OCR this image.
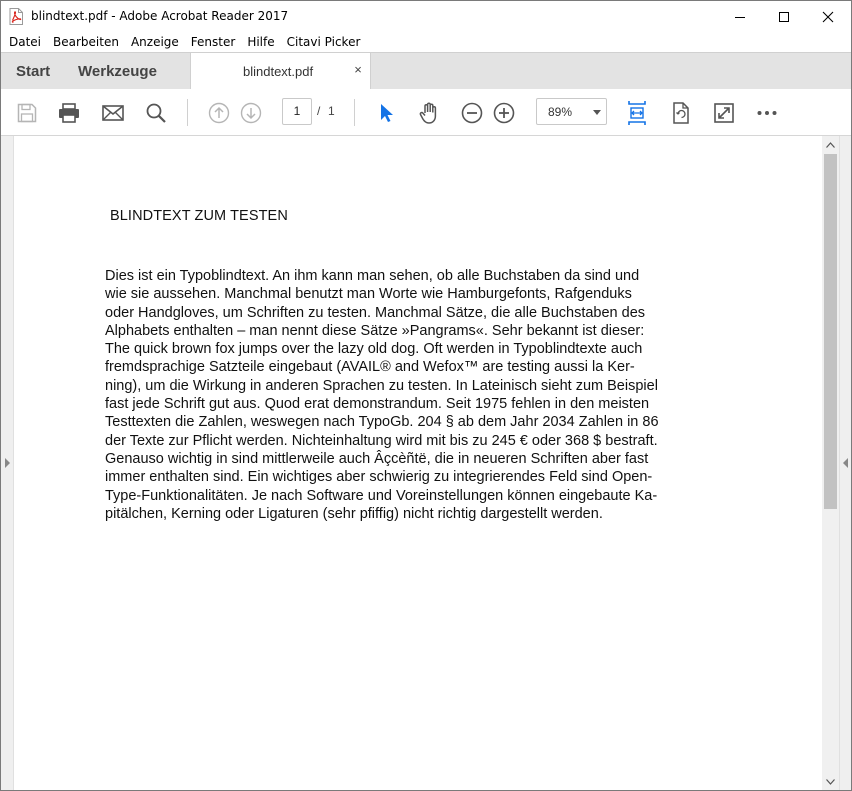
blindtext.pdf - Adobe Acrobat Reader 2017
Datei	Bearbeiten	Anzeige	Fenster	Hilfe	Citavi Picker
Start Werkzeuge	blindtext.pdf	×
1	/ 1	89%
BLINDTEXT ZUM TESTEN
Dies ist ein Typoblindtext. An ihm kann man sehen, ob alle Buchstaben da sind und
wie sie aussehen. Manchmal benutzt man Worte wie Hamburgefonts, Rafgenduks
oder Handgloves, um Schriften zu testen. Manchmal Sätze, die alle Buchstaben des
Alphabets enthalten – man nennt diese Sätze »Pangrams«. Sehr bekannt ist dieser:
The quick brown fox jumps over the lazy old dog. Oft werden in Typoblindtexte auch
fremdsprachige Satzteile eingebaut (AVAIL® and Wefox™ are testing aussi la Ker-
ning), um die Wirkung in anderen Sprachen zu testen. In Lateinisch sieht zum Beispiel
fast jede Schrift gut aus. Quod erat demonstrandum. Seit 1975 fehlen in den meisten
Testtexten die Zahlen, weswegen nach TypoGb. 204 § ab dem Jahr 2034 Zahlen in 86
der Texte zur Pflicht werden. Nichteinhaltung wird mit bis zu 245 € oder 368 $ bestraft.
Genauso wichtig in sind mittlerweile auch Âçcèñtë, die in neueren Schriften aber fast
immer enthalten sind. Ein wichtiges aber schwierig zu integrierendes Feld sind Open-
Type-Funktionalitäten. Je nach Software und Voreinstellungen können eingebaute Ka-
pitälchen, Kerning oder Ligaturen (sehr pfiffig) nicht richtig dargestellt werden.
